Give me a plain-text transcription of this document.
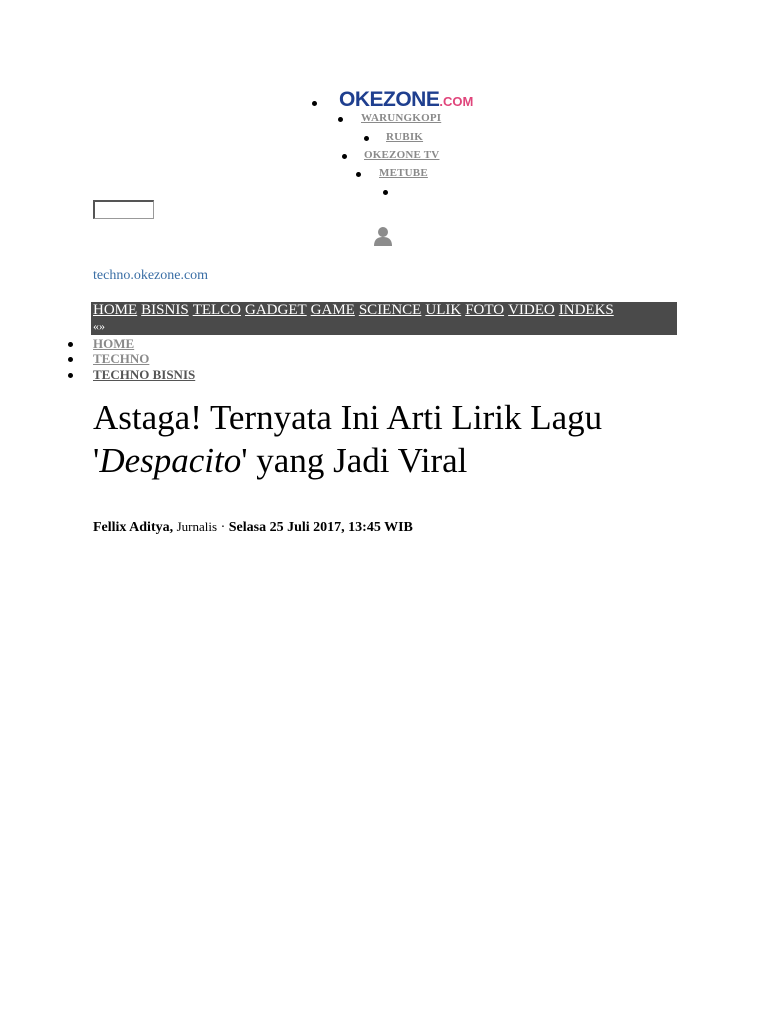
OKEZONE.COM
WARUNGKOPI
RUBIK
OKEZONE TV
METUBE
techno.okezone.com
HOME BISNIS TELCO GADGET GAME SCIENCE ULIK FOTO VIDEO INDEKS
«»
HOME
TECHNO
TECHNO BISNIS
Astaga! Ternyata Ini Arti Lirik Lagu 'Despacito' yang Jadi Viral
Fellix Aditya, Jurnalis · Selasa 25 Juli 2017, 13:45 WIB
